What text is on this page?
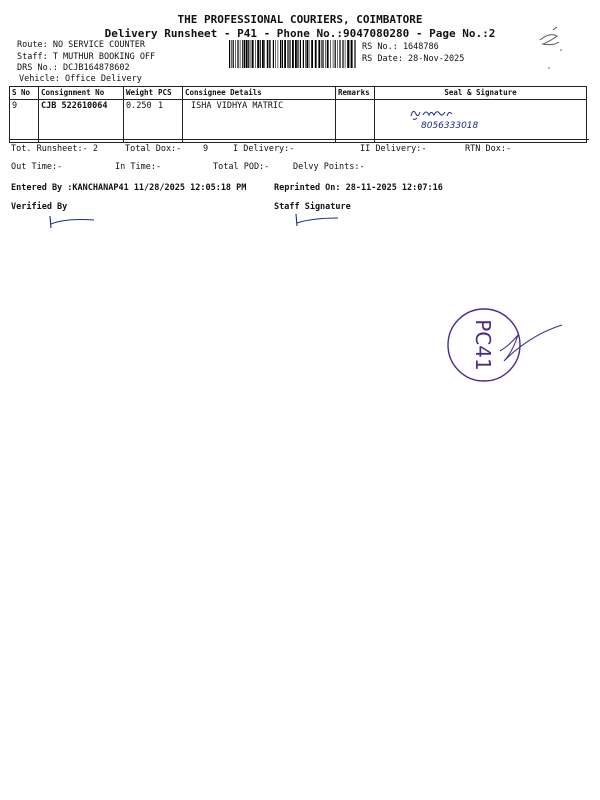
THE PROFESSIONAL COURIERS, COIMBATORE
Delivery Runsheet - P41 - Phone No.:9047080280 - Page No.:2
Route: NO SERVICE COUNTER
Staff: T MUTHUR BOOKING OFF
DRS No.: DCJB164878602
Vehicle: Office Delivery
RS No.: 1648786
RS Date: 28-Nov-2025
S No	Consignment No	Weight	PCS	Consignee Details	Remarks	Seal & Signature
9	CJB 522610064	0.250	1	ISHA VIDHYA MATRIC		8056333018
Tot. Runsheet:- 2	Total Dox:-	9	I Delivery:-	II Delivery:-	RTN Dox:-
Out Time:-	In Time:-	Total POD:-	Delvy Points:-
Entered By :KANCHANAP41 11/28/2025 12:05:18 PM	Reprinted On: 28-11-2025 12:07:16
Verified By	Staff Signature
PC41
